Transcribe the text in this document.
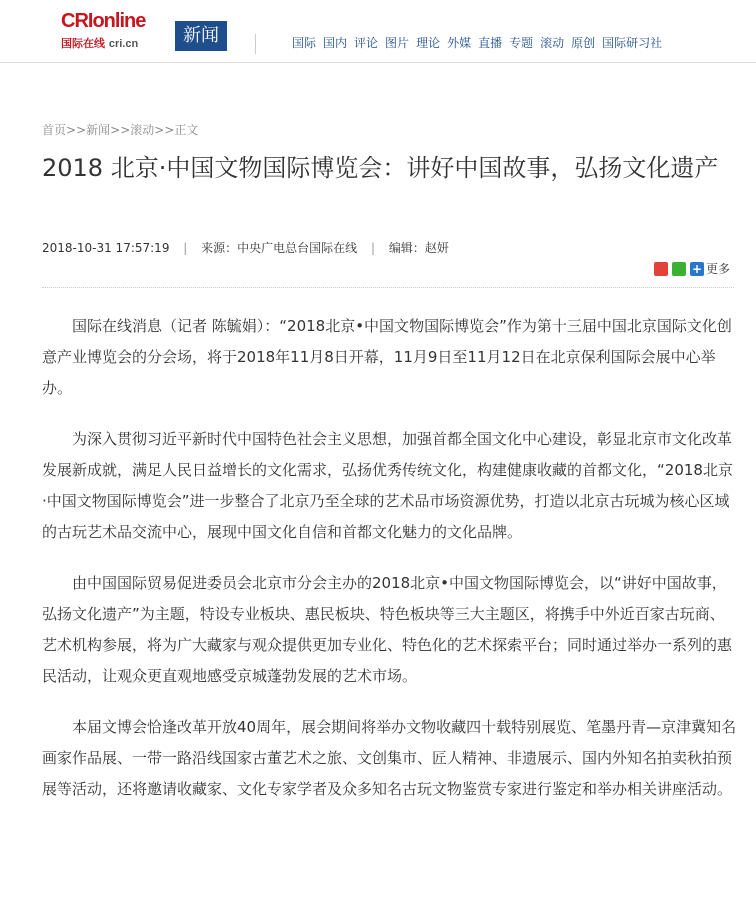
CRIonline
国际在线 cri.cn	新闻	国际 国内 评论 图片 理论 外媒 直播 专题 滚动 原创 国际研习社
首页>>新闻>>滚动>>正文
2018 北京·中国文物国际博览会：讲好中国故事，弘扬文化遗产
2018-10-31 17:57:19 | 来源：中央广电总台国际在线 | 编辑：赵妍
+ 更多

国际在线消息（记者 陈毓娟）：“2018北京•中国文物国际博览会”作为第十三届中国北京国际文化创意产业博览会的分会场，将于2018年11月8日开幕，11月9日至11月12日在北京保利国际会展中心举办。

为深入贯彻习近平新时代中国特色社会主义思想，加强首都全国文化中心建设，彰显北京市文化改革发展新成就，满足人民日益增长的文化需求，弘扬优秀传统文化，构建健康收藏的首都文化，“2018北京·中国文物国际博览会”进一步整合了北京乃至全球的艺术品市场资源优势，打造以北京古玩城为核心区域的古玩艺术品交流中心，展现中国文化自信和首都文化魅力的文化品牌。

由中国国际贸易促进委员会北京市分会主办的2018北京•中国文物国际博览会，以“讲好中国故事，弘扬文化遗产”为主题，特设专业板块、惠民板块、特色板块等三大主题区，将携手中外近百家古玩商、艺术机构参展，将为广大藏家与观众提供更加专业化、特色化的艺术探索平台；同时通过举办一系列的惠民活动，让观众更直观地感受京城蓬勃发展的艺术市场。

本届文博会恰逢改革开放40周年，展会期间将举办文物收藏四十载特别展览、笔墨丹青—京津冀知名画家作品展、一带一路沿线国家古董艺术之旅、文创集市、匠人精神、非遗展示、国内外知名拍卖秋拍预展等活动，还将邀请收藏家、文化专家学者及众多知名古玩文物鉴赏专家进行鉴定和举办相关讲座活动。
